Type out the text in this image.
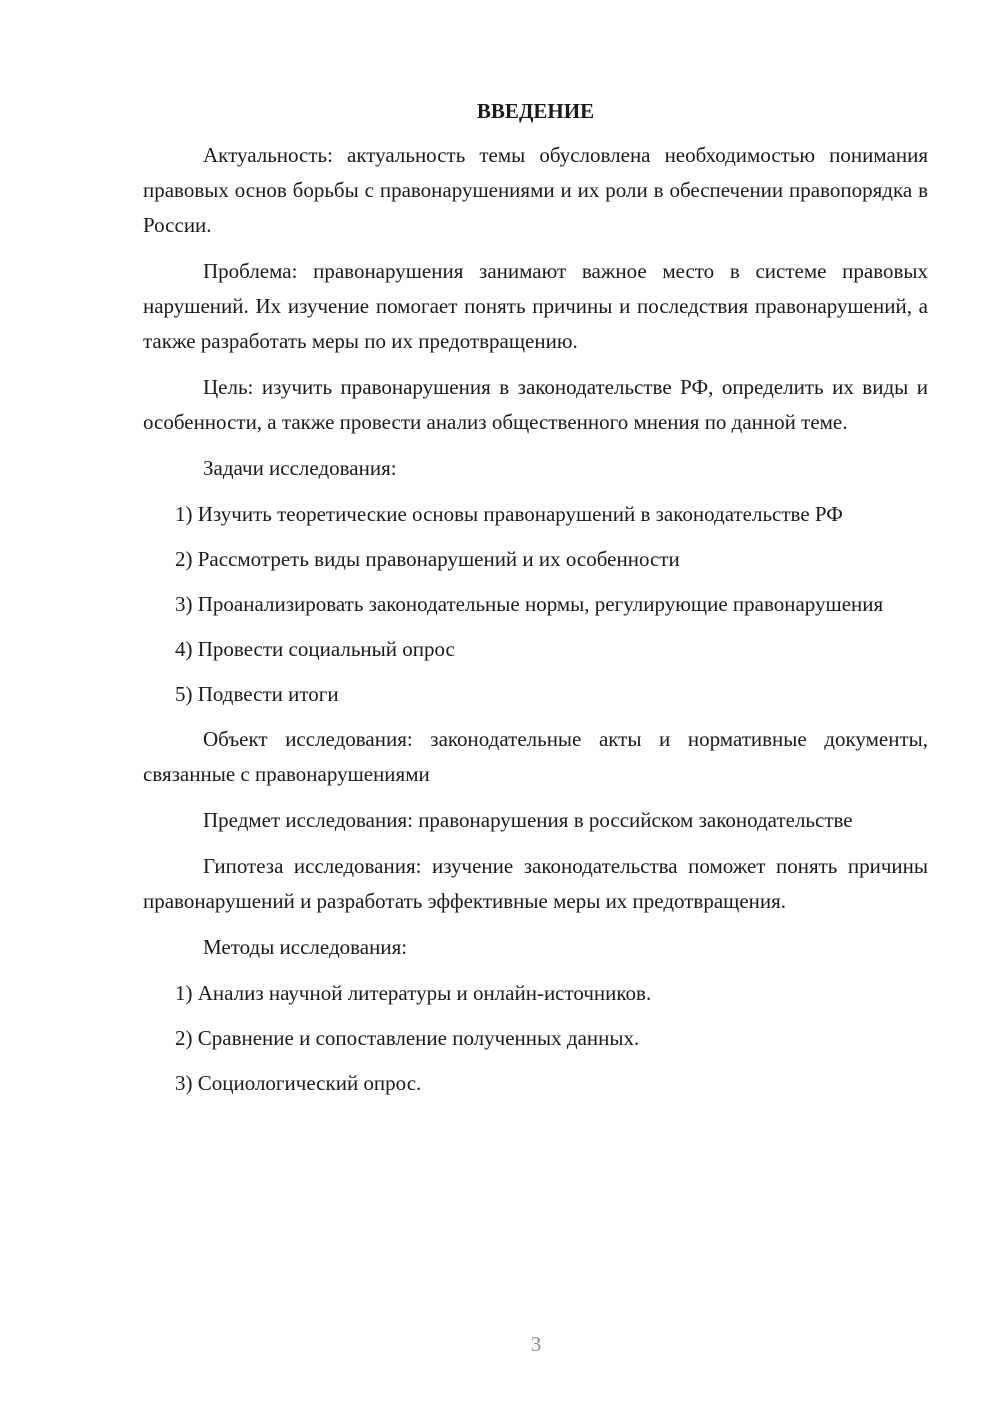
ВВЕДЕНИЕ

Актуальность: актуальность темы обусловлена необходимостью понимания правовых основ борьбы с правонарушениями и их роли в обеспечении правопорядка в России.

Проблема: правонарушения занимают важное место в системе правовых нарушений. Их изучение помогает понять причины и последствия правонарушений, а также разработать меры по их предотвращению.

Цель: изучить правонарушения в законодательстве РФ, определить их виды и особенности, а также провести анализ общественного мнения по данной теме.

Задачи исследования:

1) Изучить теоретические основы правонарушений в законодательстве РФ

2) Рассмотреть виды правонарушений и их особенности

3) Проанализировать законодательные нормы, регулирующие правонарушения

4) Провести социальный опрос

5) Подвести итоги

Объект исследования: законодательные акты и нормативные документы, связанные с правонарушениями

Предмет исследования: правонарушения в российском законодательстве

Гипотеза исследования: изучение законодательства поможет понять причины правонарушений и разработать эффективные меры их предотвращения.

Методы исследования:

1) Анализ научной литературы и онлайн-источников.

2) Сравнение и сопоставление полученных данных.

3) Социологический опрос.

3
